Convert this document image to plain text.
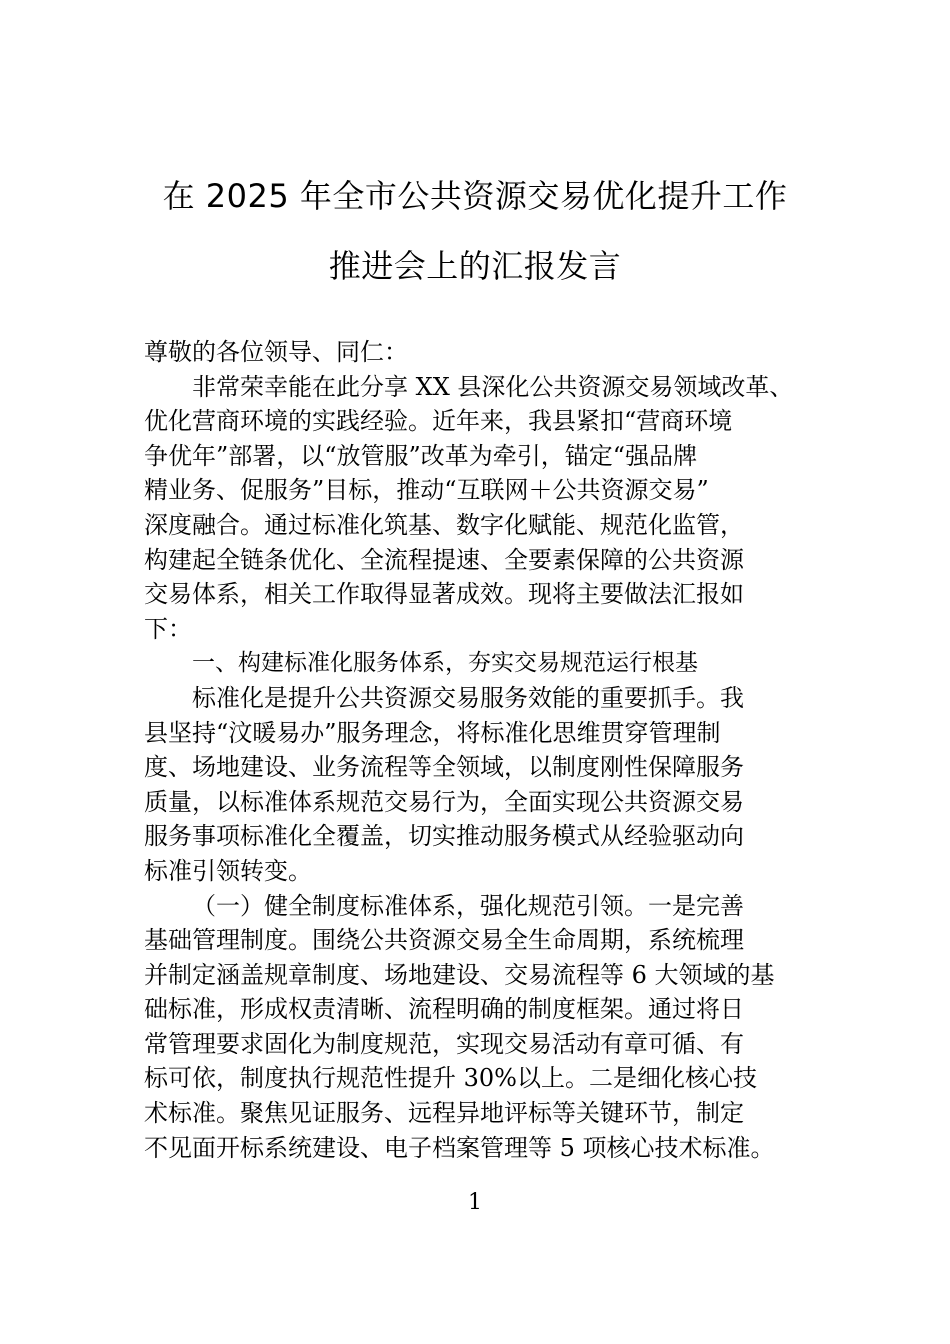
在 2025 年全市公共资源交易优化提升工作
推进会上的汇报发言
尊敬的各位领导、同仁：
非常荣幸能在此分享 XX 县深化公共资源交易领域改革、
优化营商环境的实践经验。近年来，我县紧扣“营商环境
争优年”部署，以“放管服”改革为牵引，锚定“强品牌
精业务、促服务”目标，推动“互联网＋公共资源交易”
深度融合。通过标准化筑基、数字化赋能、规范化监管，
构建起全链条优化、全流程提速、全要素保障的公共资源
交易体系，相关工作取得显著成效。现将主要做法汇报如
下：
一、构建标准化服务体系，夯实交易规范运行根基
标准化是提升公共资源交易服务效能的重要抓手。我
县坚持“汶暖易办”服务理念，将标准化思维贯穿管理制
度、场地建设、业务流程等全领域，以制度刚性保障服务
质量，以标准体系规范交易行为，全面实现公共资源交易
服务事项标准化全覆盖，切实推动服务模式从经验驱动向
标准引领转变。
（一）健全制度标准体系，强化规范引领。一是完善
基础管理制度。围绕公共资源交易全生命周期，系统梳理
并制定涵盖规章制度、场地建设、交易流程等 6 大领域的基
础标准，形成权责清晰、流程明确的制度框架。通过将日
常管理要求固化为制度规范，实现交易活动有章可循、有
标可依，制度执行规范性提升 30%以上。二是细化核心技
术标准。聚焦见证服务、远程异地评标等关键环节，制定
不见面开标系统建设、电子档案管理等 5 项核心技术标准。
1
